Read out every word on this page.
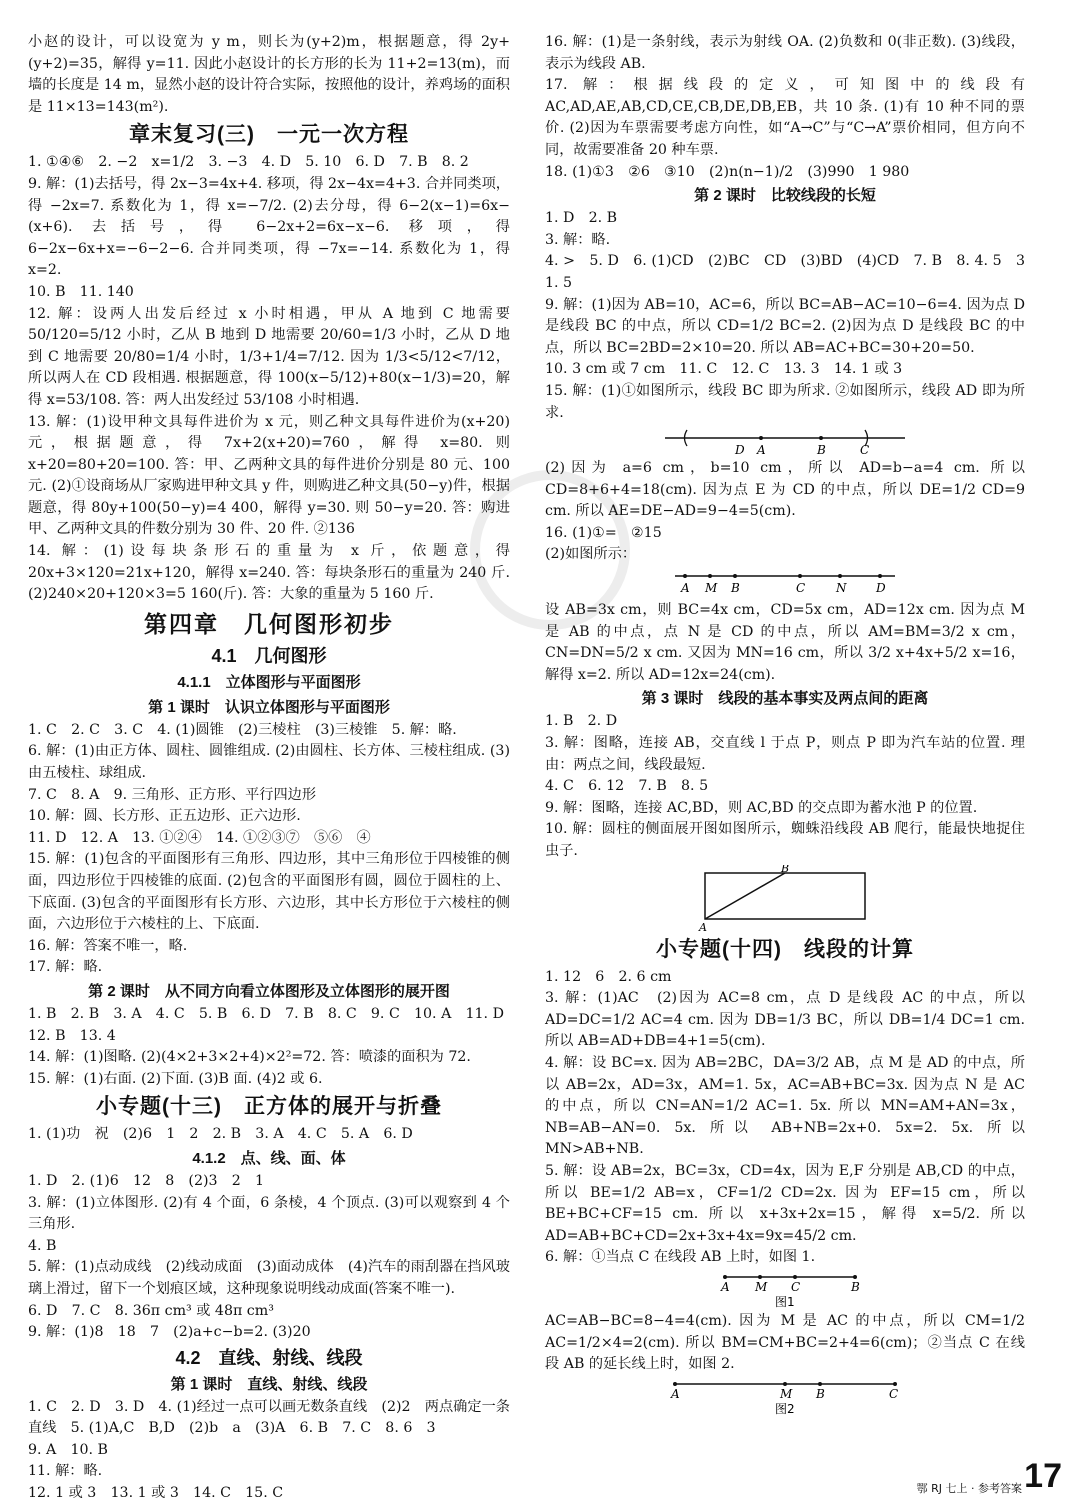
小赵的设计，可以设宽为 y m，则长为(y+2)m，根据题意，得 2y+(y+2)=35，解得 y=11. 因此小赵设计的长方形的长为 11+2=13(m)，而墙的长度是 14 m，显然小赵的设计符合实际，按照他的设计，养鸡场的面积是 11×13=143(m²).
章末复习(三)　一元一次方程
1. ①④⑥　2. −2　x=1/2　3. −3　4. D　5. 10　6. D　7. B　8. 2
9. 解：(1)去括号，得 2x−3=4x+4. 移项，得 2x−4x=4+3. 合并同类项，得 −2x=7. 系数化为 1，得 x=−7/2. (2)去分母，得 6−2(x−1)=6x−(x+6). 去括号，得 6−2x+2=6x−x−6. 移项，得 6−2x−6x+x=−6−2−6. 合并同类项，得 −7x=−14. 系数化为 1，得 x=2.
10. B　11. 140
12. 解：设两人出发后经过 x 小时相遇，甲从 A 地到 C 地需要 50/120=5/12 小时，乙从 B 地到 D 地需要 20/60=1/3 小时，乙从 D 地到 C 地需要 20/80=1/4 小时，1/3+1/4=7/12. 因为 1/3<5/12<7/12，所以两人在 CD 段相遇. 根据题意，得 100(x−5/12)+80(x−1/3)=20，解得 x=53/108. 答：两人出发经过 53/108 小时相遇.
13. 解：(1)设甲种文具每件进价为 x 元，则乙种文具每件进价为(x+20)元，根据题意，得 7x+2(x+20)=760，解得 x=80. 则 x+20=80+20=100. 答：甲、乙两种文具的每件进价分别是 80 元、100 元. (2)①设商场从厂家购进甲种文具 y 件，则购进乙种文具(50−y)件，根据题意，得 80y+100(50−y)=4 400，解得 y=30. 则 50−y=20. 答：购进甲、乙两种文具的件数分别为 30 件、20 件. ②136
14. 解：(1)设每块条形石的重量为 x 斤，依题意，得 20x+3×120=21x+120，解得 x=240. 答：每块条形石的重量为 240 斤. (2)240×20+120×3=5 160(斤). 答：大象的重量为 5 160 斤.
第四章　几何图形初步
4.1　几何图形
4.1.1　立体图形与平面图形
第 1 课时　认识立体图形与平面图形
1. C　2. C　3. C　4. (1)圆锥　(2)三棱柱　(3)三棱锥　5. 解：略.
6. 解：(1)由正方体、圆柱、圆锥组成. (2)由圆柱、长方体、三棱柱组成. (3)由五棱柱、球组成.
7. C　8. A　9. 三角形、正方形、平行四边形
10. 解：圆、长方形、正五边形、正六边形.
11. D　12. A　13. ①②④　14. ①②③⑦　⑤⑥　④
15. 解：(1)包含的平面图形有三角形、四边形，其中三角形位于四棱锥的侧面，四边形位于四棱锥的底面. (2)包含的平面图形有圆，圆位于圆柱的上、下底面. (3)包含的平面图形有长方形、六边形，其中长方形位于六棱柱的侧面，六边形位于六棱柱的上、下底面.
16. 解：答案不唯一，略.
17. 解：略.
第 2 课时　从不同方向看立体图形及立体图形的展开图
1. B　2. B　3. A　4. C　5. B　6. D　7. B　8. C　9. C　10. A　11. D
12. B　13. 4
14. 解：(1)图略. (2)(4×2+3×2+4)×2²=72. 答：喷漆的面积为 72.
15. 解：(1)右面. (2)下面. (3)B 面. (4)2 或 6.
小专题(十三)　正方体的展开与折叠
1. (1)功　祝　(2)6　1　2　2. B　3. A　4. C　5. A　6. D
4.1.2　点、线、面、体
1. D　2. (1)6　12　8　(2)3　2　1
3. 解：(1)立体图形. (2)有 4 个面，6 条棱，4 个顶点. (3)可以观察到 4 个三角形.
4. B
5. 解：(1)点动成线　(2)线动成面　(3)面动成体　(4)汽车的雨刮器在挡风玻璃上滑过，留下一个划痕区域，这种现象说明线动成面(答案不唯一).
6. D　7. C　8. 36π cm³ 或 48π cm³
9. 解：(1)8　18　7　(2)a+c−b=2. (3)20
4.2　直线、射线、线段
第 1 课时　直线、射线、线段
1. C　2. D　3. D　4. (1)经过一点可以画无数条直线　(2)2　两点确定一条直线　5. (1)A,C　B,D　(2)b　a　(3)A　6. B　7. C　8. 6　3
9. A　10. B
11. 解：略.
12. 1 或 3　13. 1 或 3　14. C　15. C
16. 解：(1)是一条射线，表示为射线 OA. (2)负数和 0(非正数). (3)线段，表示为线段 AB.
17. 解：根据线段的定义，可知图中的线段有 AC,AD,AE,AB,CD,CE,CB,DE,DB,EB，共 10 条. (1)有 10 种不同的票价. (2)因为车票需要考虑方向性，如“A→C”与“C→A”票价相同，但方向不同，故需要准备 20 种车票.
18. (1)①3　②6　③10　(2)n(n−1)/2　(3)990　1 980
第 2 课时　比较线段的长短
1. D　2. B
3. 解：略.
4. >　5. D　6. (1)CD　(2)BC　CD　(3)BD　(4)CD　7. B　8. 4. 5　3　1. 5
9. 解：(1)因为 AB=10，AC=6，所以 BC=AB−AC=10−6=4. 因为点 D 是线段 BC 的中点，所以 CD=1/2 BC=2. (2)因为点 D 是线段 BC 的中点，所以 BC=2BD=2×10=20. 所以 AB=AC+BC=30+20=50.
10. 3 cm 或 7 cm　11. C　12. C　13. 3　14. 1 或 3
15. 解：(1)①如图所示，线段 BC 即为所求. ②如图所示，线段 AD 即为所求.
D A	B	C
(2)因为 a=6 cm，b=10 cm，所以 AD=b−a=4 cm. 所以 CD=8+6+4=18(cm). 因为点 E 为 CD 的中点，所以 DE=1/2 CD=9 cm. 所以 AE=DE−AD=9−4=5(cm).
16. (1)①=　②15
(2)如图所示：
A M B	C	N D
设 AB=3x cm，则 BC=4x cm，CD=5x cm，AD=12x cm. 因为点 M 是 AB 的中点，点 N 是 CD 的中点，所以 AM=BM=3/2 x cm，CN=DN=5/2 x cm. 又因为 MN=16 cm，所以 3/2 x+4x+5/2 x=16，解得 x=2. 所以 AD=12x=24(cm).
第 3 课时　线段的基本事实及两点间的距离
1. B　2. D
3. 解：图略，连接 AB，交直线 l 于点 P，则点 P 即为汽车站的位置. 理由：两点之间，线段最短.
4. C　6. 12　7. B　8. 5
9. 解：图略，连接 AC,BD，则 AC,BD 的交点即为蓄水池 P 的位置.
10. 解：圆柱的侧面展开图如图所示，蜘蛛沿线段 AB 爬行，能最快地捉住虫子.
B
A
小专题(十四)　线段的计算
1. 12　6　2. 6 cm
3. 解：(1)AC　(2)因为 AC=8 cm，点 D 是线段 AC 的中点，所以 AD=DC=1/2 AC=4 cm. 因为 DB=1/3 BC，所以 DB=1/4 DC=1 cm. 所以 AB=AD+DB=4+1=5(cm).
4. 解：设 BC=x. 因为 AB=2BC，DA=3/2 AB，点 M 是 AD 的中点，所以 AB=2x，AD=3x，AM=1. 5x，AC=AB+BC=3x. 因为点 N 是 AC 的中点，所以 CN=AN=1/2 AC=1. 5x. 所以 MN=AM+AN=3x，NB=AB−AN=0. 5x. 所以 AB+NB=2x+0. 5x=2. 5x. 所以 MN>AB+NB.
5. 解：设 AB=2x，BC=3x，CD=4x，因为 E,F 分别是 AB,CD 的中点，所以 BE=1/2 AB=x，CF=1/2 CD=2x. 因为 EF=15 cm，所以 BE+BC+CF=15 cm. 所以 x+3x+2x=15，解得 x=5/2. 所以 AD=AB+BC+CD=2x+3x+4x=9x=45/2 cm.
6. 解：①当点 C 在线段 AB 上时，如图 1.
A M C	B
图1
AC=AB−BC=8−4=4(cm). 因为 M 是 AC 的中点，所以 CM=1/2 AC=1/2×4=2(cm). 所以 BM=CM+BC=2+4=6(cm)；②当点 C 在线段 AB 的延长线上时，如图 2.
A	M B	C
图2
鄂 RJ 七上 · 参考答案 17
